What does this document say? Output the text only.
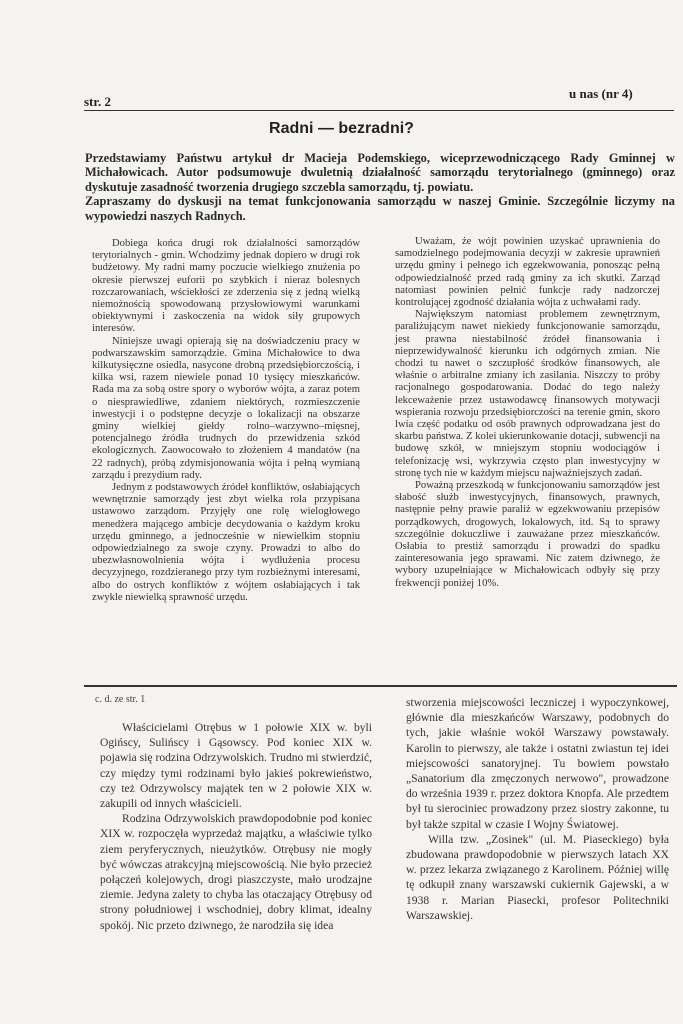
str. 2
u nas (nr 4)
Radni — bezradni?

Przedstawiamy Państwu artykuł dr Macieja Podemskiego, wiceprzewodniczącego Rady Gminnej w Michałowicach. Autor podsumowuje dwuletnią działalność samorządu terytorialnego (gminnego) oraz dyskutuje zasadność tworzenia drugiego szczebla samorządu, tj. powiatu.

Zapraszamy do dyskusji na temat funkcjonowania samorządu w naszej Gminie. Szczególnie liczymy na wypowiedzi naszych Radnych.

Dobiega końca drugi rok działalności samorządów terytorialnych - gmin. Wchodzimy jednak dopiero w drugi rok budżetowy. My radni mamy poczucie wielkiego znużenia po okresie pierwszej euforii po szybkich i nieraz bolesnych rozczarowaniach, wściekłości ze zderzenia się z jedną wielką niemożnością spowodowaną przysłowiowymi warunkami obiektywnymi i zaskoczenia na widok siły grupowych interesów.

Niniejsze uwagi opierają się na doświadczeniu pracy w podwarszawskim samorządzie. Gmina Michałowice to dwa kilkutysięczne osiedla, nasycone drobną przedsiębiorczością, i kilka wsi, razem niewiele ponad 10 tysięcy mieszkańców. Rada ma za sobą ostre spory o wyborów wójta, a zaraz potem o niesprawiedliwe, zdaniem niektórych, rozmieszczenie inwestycji i o podstępne decyzje o lokalizacji na obszarze gminy wielkiej giełdy rolno–warzywno–mięsnej, potencjalnego źródła trudnych do przewidzenia szkód ekologicznych. Zaowocowało to złożeniem 4 mandatów (na 22 radnych), próbą zdymisjonowania wójta i pełną wymianą zarządu i prezydium rady.

Jednym z podstawowych źródeł konfliktów, osłabiających wewnętrznie samorządy jest zbyt wielka rola przypisana ustawowo zarządom. Przyjęły one rolę wielogłowego menedżera mającego ambicje decydowania o każdym kroku urzędu gminnego, a jednocześnie w niewielkim stopniu odpowiedzialnego za swoje czyny. Prowadzi to albo do ubezwłasnowolnienia wójta i wydłużenia procesu decyzyjnego, rozdzieranego przy tym rozbieżnymi interesami, albo do ostrych konfliktów z wójtem osłabiających i tak zwykle niewielką sprawność urzędu.

Uważam, że wójt powinien uzyskać uprawnienia do samodzielnego podejmowania decyzji w zakresie uprawnień urzędu gminy i pełnego ich egzekwowania, ponosząc pełną odpowiedzialność przed radą gminy za ich skutki. Zarząd natomiast powinien pełnić funkcje rady nadzorczej kontrolującej zgodność działania wójta z uchwałami rady.

Największym natomiast problemem zewnętrznym, paraliżującym nawet niekiedy funkcjonowanie samorządu, jest prawna niestabilność źródeł finansowania i nieprzewidywalność kierunku ich odgórnych zmian. Nie chodzi tu nawet o szczupłość środków finansowych, ale właśnie o arbitralne zmiany ich zasilania. Niszczy to próby racjonalnego gospodarowania. Dodać do tego należy lekceważenie przez ustawodawcę finansowych motywacji wspierania rozwoju przedsiębiorczości na terenie gmin, skoro lwia część podatku od osób prawnych odprowadzana jest do skarbu państwa. Z kolei ukierunkowanie dotacji, subwencji na budowę szkół, w mniejszym stopniu wodociągów i telefonizację wsi, wykrzywia często plan inwestycyjny w stronę tych nie w każdym miejscu najważniejszych zadań.

Poważną przeszkodą w funkcjonowaniu samorządów jest słabość służb inwestycyjnych, finansowych, prawnych, następnie pełny prawie paraliż w egzekwowaniu przepisów porządkowych, drogowych, lokalowych, itd. Są to sprawy szczególnie dokuczliwe i zauważane przez mieszkańców. Osłabia to prestiż samorządu i prowadzi do spadku zainteresowania jego sprawami. Nic zatem dziwnego, że wybory uzupełniające w Michałowicach odbyły się przy frekwencji poniżej 10%.

c. d. ze str. 1

Właścicielami Otrębus w 1 połowie XIX w. byli Ogińscy, Sulińscy i Gąsowscy. Pod koniec XIX w. pojawia się rodzina Odrzywolskich. Trudno mi stwierdzić, czy między tymi rodzinami było jakieś pokrewieństwo, czy też Odrzywolscy majątek ten w 2 połowie XIX w. zakupili od innych właścicieli.

Rodzina Odrzywolskich prawdopodobnie pod koniec XIX w. rozpoczęła wyprzedaż majątku, a właściwie tylko ziem peryferycznych, nieużytków. Otrębusy nie mogły być wówczas atrakcyjną miejscowością. Nie było przecież połączeń kolejowych, drogi piaszczyste, mało urodzajne ziemie. Jedyna zalety to chyba las otaczający Otrębusy od strony południowej i wschodniej, dobry klimat, idealny spokój. Nic przeto dziwnego, że narodziła się idea

stworzenia miejscowości leczniczej i wypoczynkowej, głównie dla mieszkańców Warszawy, podobnych do tych, jakie właśnie wokół Warszawy powstawały. Karolin to pierwszy, ale także i ostatni zwiastun tej idei miejscowości sanatoryjnej. Tu bowiem powstało „Sanatorium dla zmęczonych nerwowo", prowadzone do września 1939 r. przez doktora Knopfa. Ale przedtem był tu sierociniec prowadzony przez siostry zakonne, tu był także szpital w czasie I Wojny Światowej.

Willa tzw. „Zosinek" (ul. M. Piaseckiego) była zbudowana prawdopodobnie w pierwszych latach XX w. przez lekarza związanego z Karolinem. Później willę tę odkupił znany warszawski cukiernik Gajewski, a w 1938 r. Marian Piasecki, profesor Politechniki Warszawskiej.
